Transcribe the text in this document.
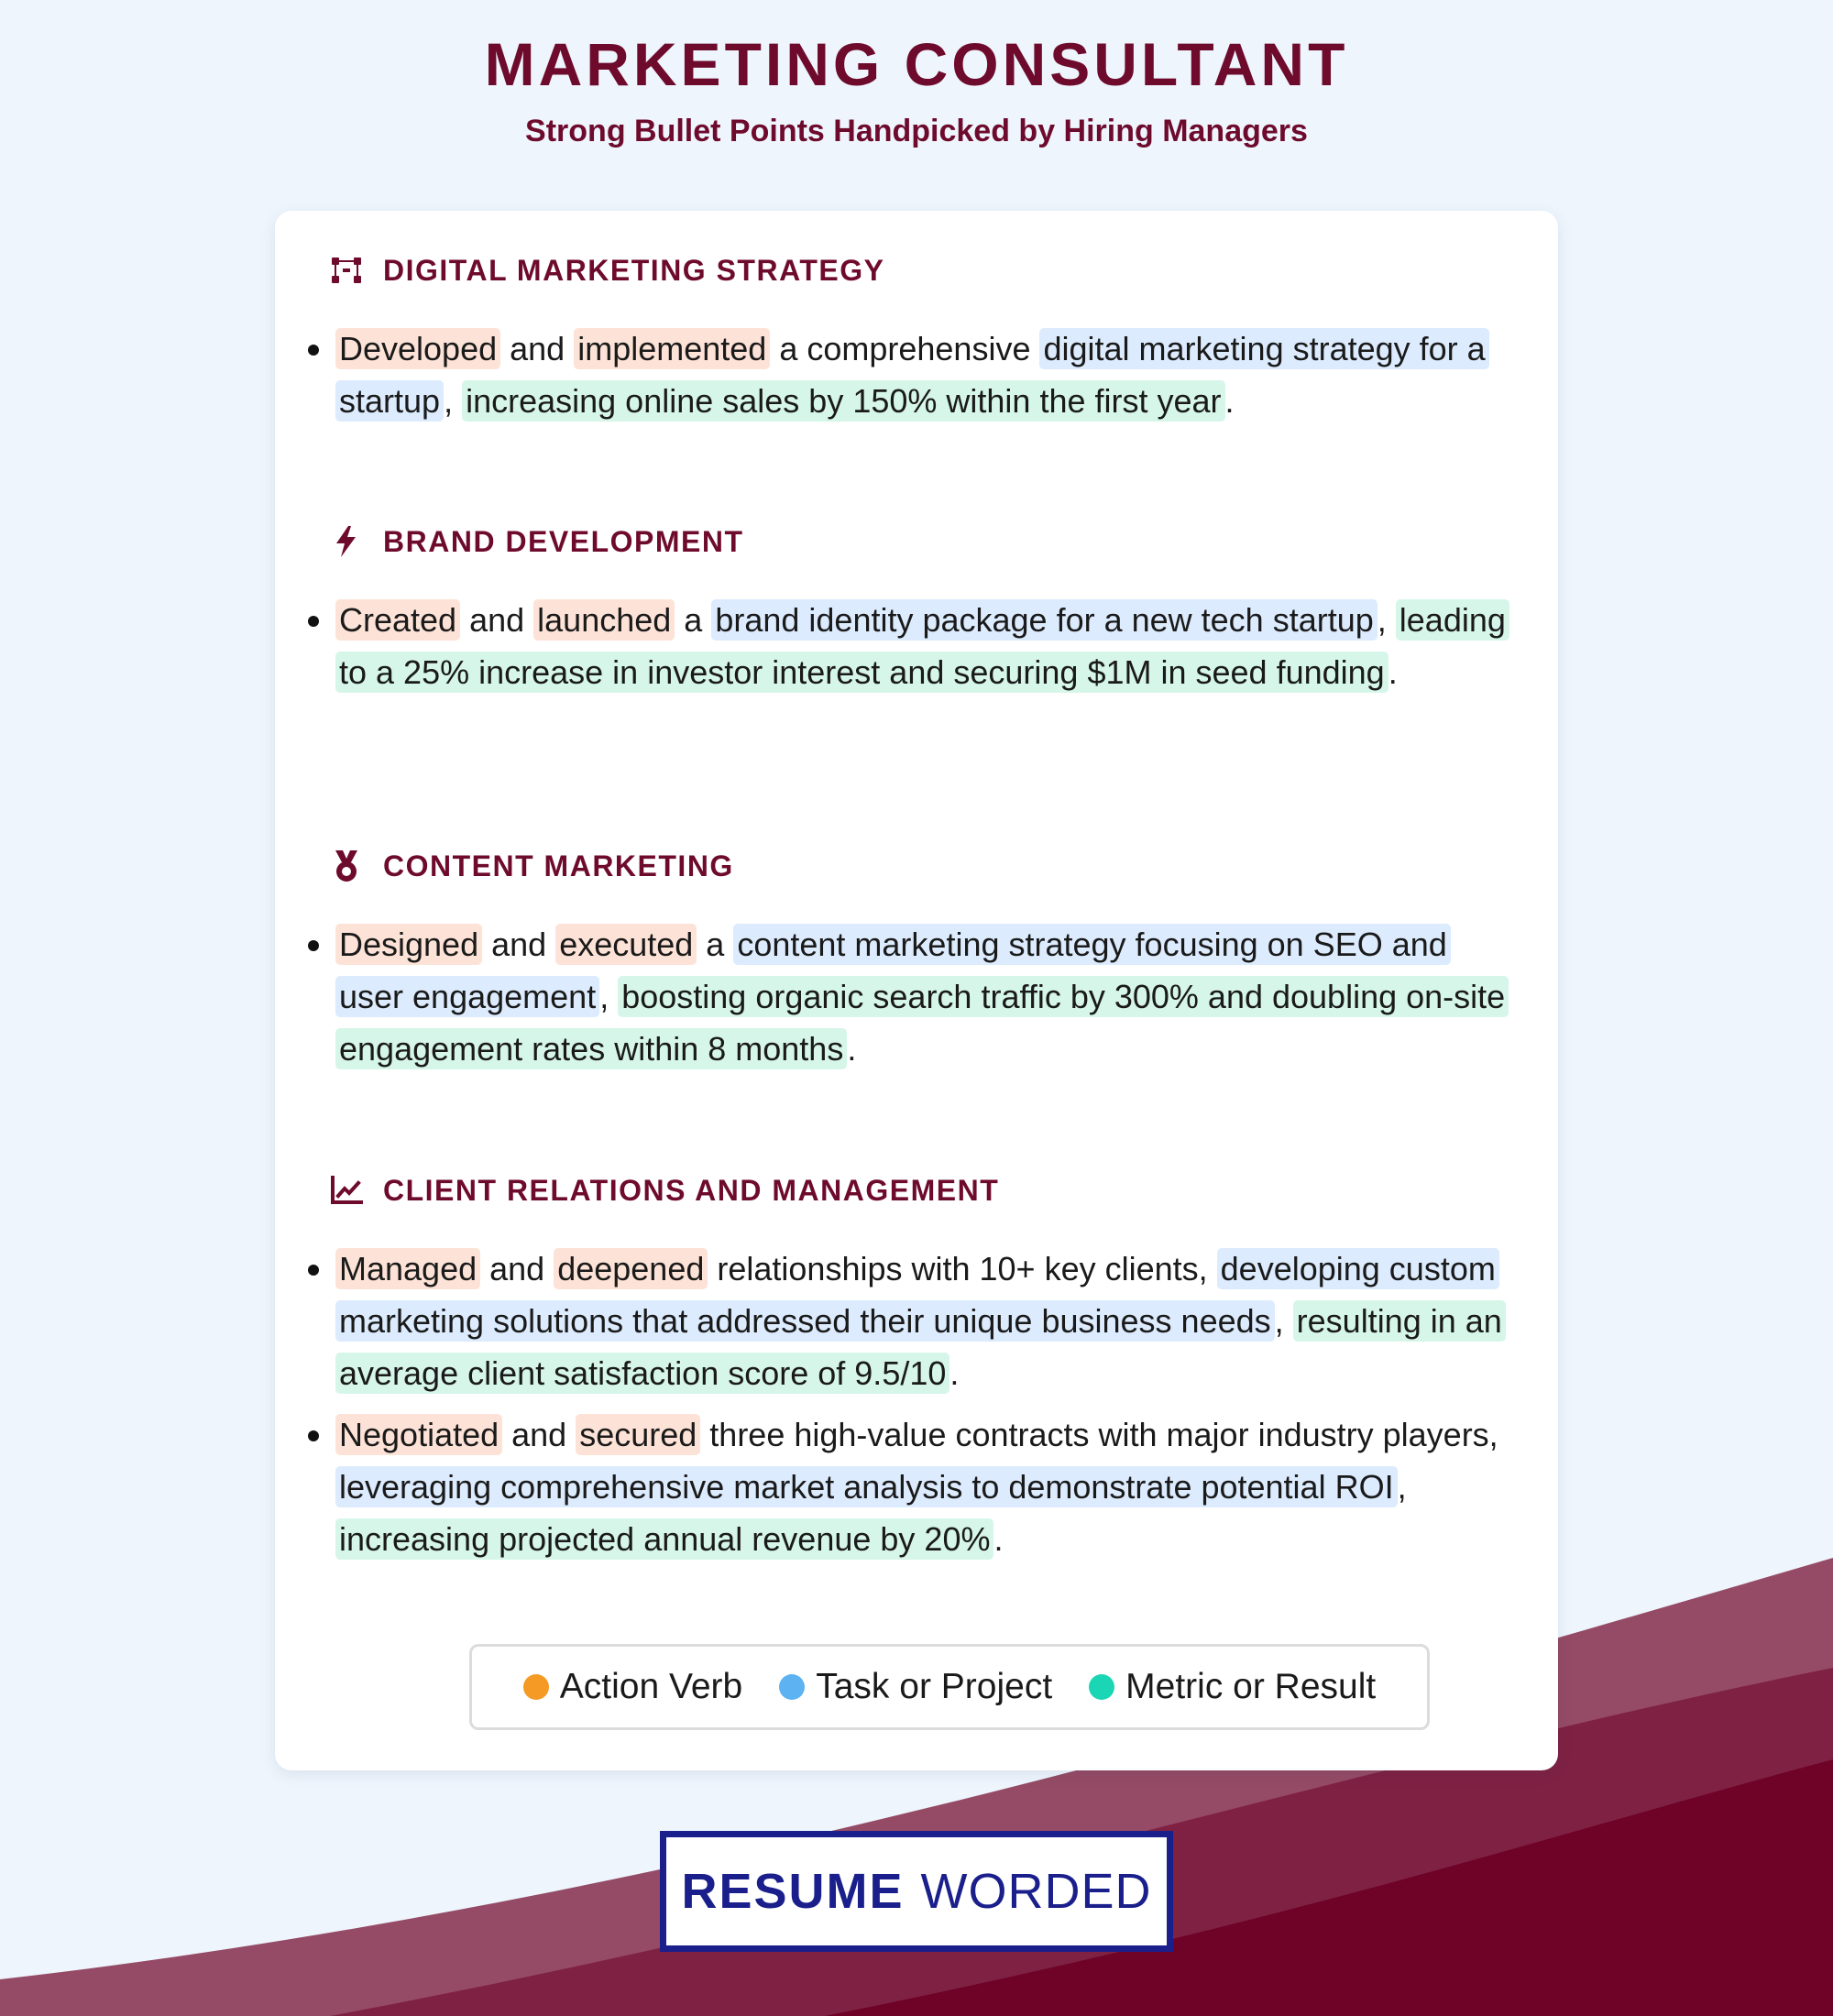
MARKETING CONSULTANT
Strong Bullet Points Handpicked by Hiring Managers
DIGITAL MARKETING STRATEGY
Developed and implemented a comprehensive digital marketing strategy for a startup , increasing online sales by 150% within the first year .
BRAND DEVELOPMENT
Created and launched a brand identity package for a new tech startup , leading to a 25% increase in investor interest and securing $1M in seed funding .
CONTENT MARKETING
Designed and executed a content marketing strategy focusing on SEO and user engagement , boosting organic search traffic by 300% and doubling on-site engagement rates within 8 months .
CLIENT RELATIONS AND MANAGEMENT
Managed and deepened relationships with 10+ key clients, developing custom marketing solutions that addressed their unique business needs , resulting in an average client satisfaction score of 9.5/10 .
Negotiated and secured three high-value contracts with major industry players, leveraging comprehensive market analysis to demonstrate potential ROI , increasing projected annual revenue by 20% .
Action Verb Task or Project Metric or Result
RESUME WORDED
